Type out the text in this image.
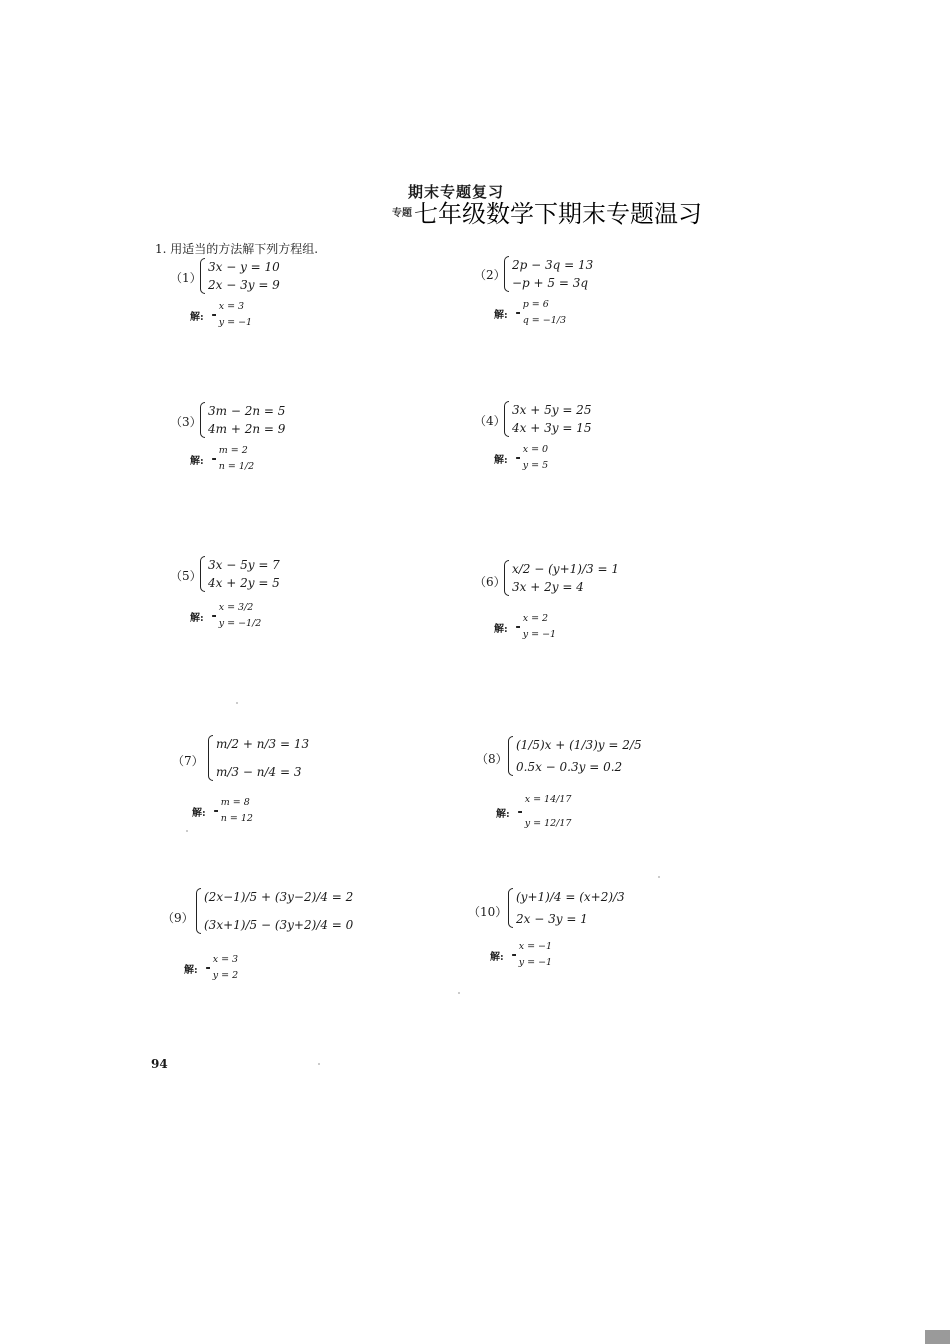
期末专题复习
专题 七年级数学下期末专题温习
1. 用适当的方法解下列方程组.
（1）
3x − y = 10
2x − 3y = 9
解:
x = 3
y = −1
（2）
2p − 3q = 13
−p + 5 = 3q
解:
p = 6
q = −1/3
（3）
3m − 2n = 5
4m + 2n = 9
解:
m = 2
n = 1/2
（4）
3x + 5y = 25
4x + 3y = 15
解:
x = 0
y = 5
（5）
3x − 5y = 7
4x + 2y = 5
解:
x = 3/2
y = −1/2
（6）
x/2 − (y+1)/3 = 1
3x + 2y = 4
解:
x = 2
y = −1
（7）
m/2 + n/3 = 13
m/3 − n/4 = 3
解:
m = 8
n = 12
（8）
(1/5)x + (1/3)y = 2/5
0.5x − 0.3y = 0.2
解:
x = 14/17
y = 12/17
（9）
(2x−1)/5 + (3y−2)/4 = 2
(3x+1)/5 − (3y+2)/4 = 0
解:
x = 3
y = 2
（10）
(y+1)/4 = (x+2)/3
2x − 3y = 1
解:
x = −1
y = −1
94
